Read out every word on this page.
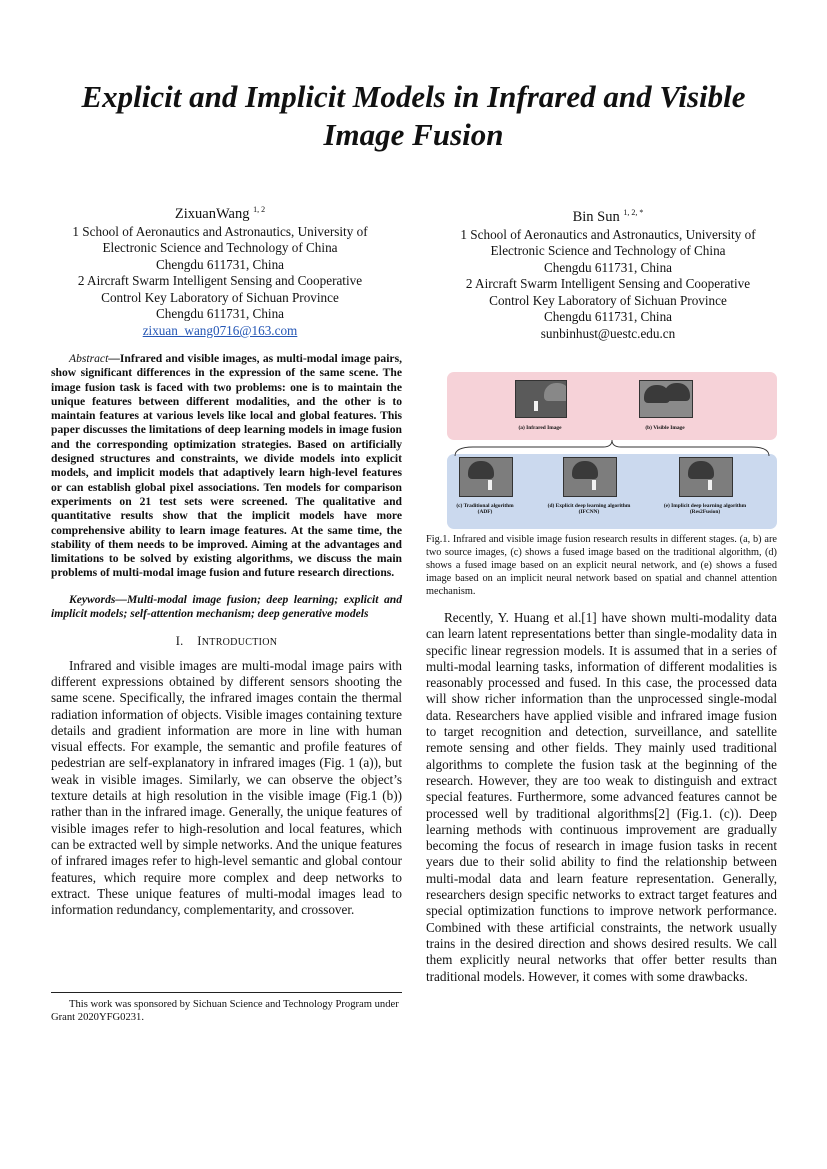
Explicit and Implicit Models in Infrared and Visible Image Fusion
ZixuanWang $^{1, 2}$
1 School of Aeronautics and Astronautics, University of
Electronic Science and Technology of China
Chengdu 611731, China
2 Aircraft Swarm Intelligent Sensing and Cooperative
Control Key Laboratory of Sichuan Province
Chengdu 611731, China
zixuan_wang0716@163.com
Bin Sun $^{1, 2, *}$
1 School of Aeronautics and Astronautics, University of
Electronic Science and Technology of China
Chengdu 611731, China
2 Aircraft Swarm Intelligent Sensing and Cooperative
Control Key Laboratory of Sichuan Province
Chengdu 611731, China
sunbinhust@uestc.edu.cn
Abstract—Infrared and visible images, as multi-modal image pairs, show significant differences in the expression of the same scene. The image fusion task is faced with two problems: one is to maintain the unique features between different modalities, and the other is to maintain features at various levels like local and global features. This paper discusses the limitations of deep learning models in image fusion and the corresponding optimization strategies. Based on artificially designed structures and constraints, we divide models into explicit models, and implicit models that adaptively learn high-level features or can establish global pixel associations. Ten models for comparison experiments on 21 test sets were screened. The qualitative and quantitative results show that the implicit models have more comprehensive ability to learn image features. At the same time, the stability of them needs to be improved. Aiming at the advantages and limitations to be solved by existing algorithms, we discuss the main problems of multi-modal image fusion and future research directions.
Keywords—Multi-modal image fusion; deep learning; explicit and implicit models; self-attention mechanism; deep generative models
I. INTRODUCTION

Infrared and visible images are multi-modal image pairs with different expressions obtained by different sensors shooting the same scene. Specifically, the infrared images contain the thermal radiation information of objects. Visible images containing texture details and gradient information are more in line with human visual effects. For example, the semantic and profile features of pedestrian are self-explanatory in infrared images (Fig. 1 (a)), but weak in visible images. Similarly, we can observe the object’s texture details at high resolution in the visible image (Fig.1 (b)) rather than in the infrared image. Generally, the unique features of visible images refer to high-resolution and local features, which can be extracted well by simple networks. And the unique features of infrared images refer to high-level semantic and global contour features, which require more complex and deep networks to extract. These unique features of multi-modal images lead to information redundancy, complementarity, and crossover.

This work was sponsored by Sichuan Science and Technology Program under Grant 2020YFG0231.
(a) Infrared Image	(b) Visible Image
(c) Traditional algorithm
(ADF)
(d) Explicit deep learning algorithm
(IFCNN)
(e) Implicit deep learning algorithm
(Res2Fusion)
Fig.1. Infrared and visible image fusion research results in different stages. (a, b) are two source images, (c) shows a fused image based on the traditional algorithm, (d) shows a fused image based on an explicit neural network, and (e) shows a fused image based on an implicit neural network based on spatial and channel attention mechanism.

Recently, Y. Huang et al.[1] have shown multi-modality data can learn latent representations better than single-modality data in specific linear regression models. It is assumed that in a series of multi-modal learning tasks, information of different modalities is reasonably processed and fused. In this case, the processed data will show richer information than the unprocessed single-modal data. Researchers have applied visible and infrared image fusion to target recognition and detection, surveillance, and satellite remote sensing and other fields. They mainly used traditional algorithms to complete the fusion task at the beginning of the research. However, they are too weak to distinguish and extract special features. Furthermore, some advanced features cannot be processed well by traditional algorithms[2] (Fig.1. (c)). Deep learning methods with continuous improvement are gradually becoming the focus of research in image fusion tasks in recent years due to their solid ability to find the relationship between multi-modal data and learn feature representation. Generally, researchers design specific networks to extract target features and special optimization functions to improve network performance. Combined with these artificial constraints, the network usually trains in the desired direction and shows desired results. We call them explicitly neural networks that offer better results than traditional models. However, it comes with some drawbacks.
